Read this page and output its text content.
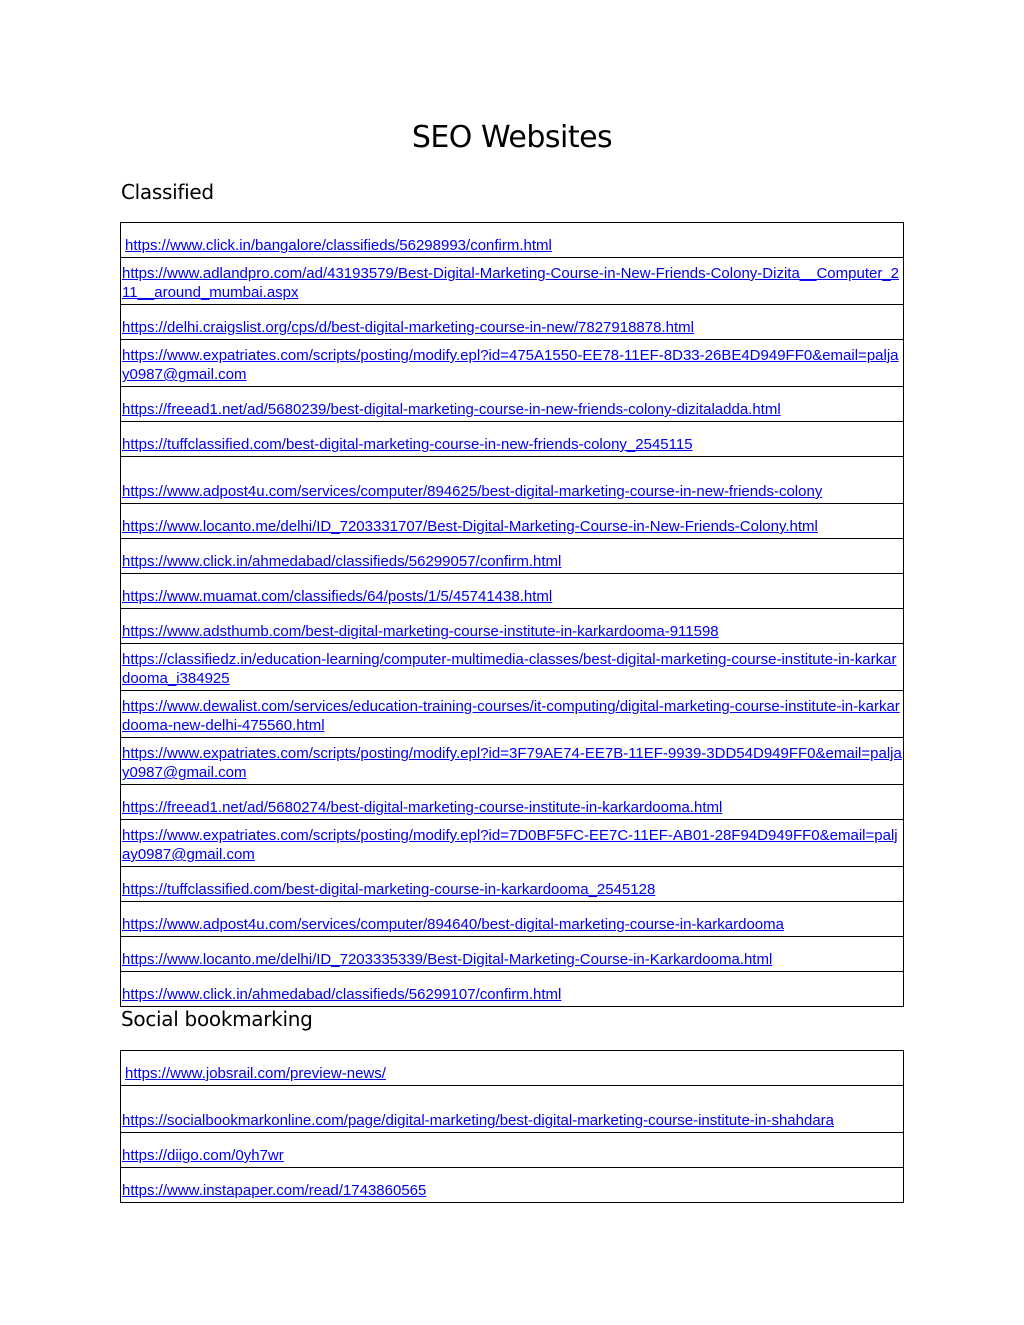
SEO Websites
Classified
https://www.click.in/bangalore/classifieds/56298993/confirm.html

https://www.adlandpro.com/ad/43193579/Best-Digital-Marketing-Course-in-New-Friends-Colony-Dizita__Computer_211__around_mumbai.aspx

https://delhi.craigslist.org/cps/d/best-digital-marketing-course-in-new/7827918878.html

https://www.expatriates.com/scripts/posting/modify.epl?id=475A1550-EE78-11EF-8D33-26BE4D949FF0&email=paljay0987@gmail.com

https://freead1.net/ad/5680239/best-digital-marketing-course-in-new-friends-colony-dizitaladda.html

https://tuffclassified.com/best-digital-marketing-course-in-new-friends-colony_2545115

https://www.adpost4u.com/services/computer/894625/best-digital-marketing-course-in-new-friends-colony

https://www.locanto.me/delhi/ID_7203331707/Best-Digital-Marketing-Course-in-New-Friends-Colony.html

https://www.click.in/ahmedabad/classifieds/56299057/confirm.html

https://www.muamat.com/classifieds/64/posts/1/5/45741438.html

https://www.adsthumb.com/best-digital-marketing-course-institute-in-karkardooma-911598

https://classifiedz.in/education-learning/computer-multimedia-classes/best-digital-marketing-course-institute-in-karkardooma_i384925

https://www.dewalist.com/services/education-training-courses/it-computing/digital-marketing-course-institute-in-karkardooma-new-delhi-475560.html

https://www.expatriates.com/scripts/posting/modify.epl?id=3F79AE74-EE7B-11EF-9939-3DD54D949FF0&email=paljay0987@gmail.com

https://freead1.net/ad/5680274/best-digital-marketing-course-institute-in-karkardooma.html

https://www.expatriates.com/scripts/posting/modify.epl?id=7D0BF5FC-EE7C-11EF-AB01-28F94D949FF0&email=paljay0987@gmail.com

https://tuffclassified.com/best-digital-marketing-course-in-karkardooma_2545128

https://www.adpost4u.com/services/computer/894640/best-digital-marketing-course-in-karkardooma

https://www.locanto.me/delhi/ID_7203335339/Best-Digital-Marketing-Course-in-Karkardooma.html

https://www.click.in/ahmedabad/classifieds/56299107/confirm.html
Social bookmarking
https://www.jobsrail.com/preview-news/

https://socialbookmarkonline.com/page/digital-marketing/best-digital-marketing-course-institute-in-shahdara

https://diigo.com/0yh7wr

https://www.instapaper.com/read/1743860565
